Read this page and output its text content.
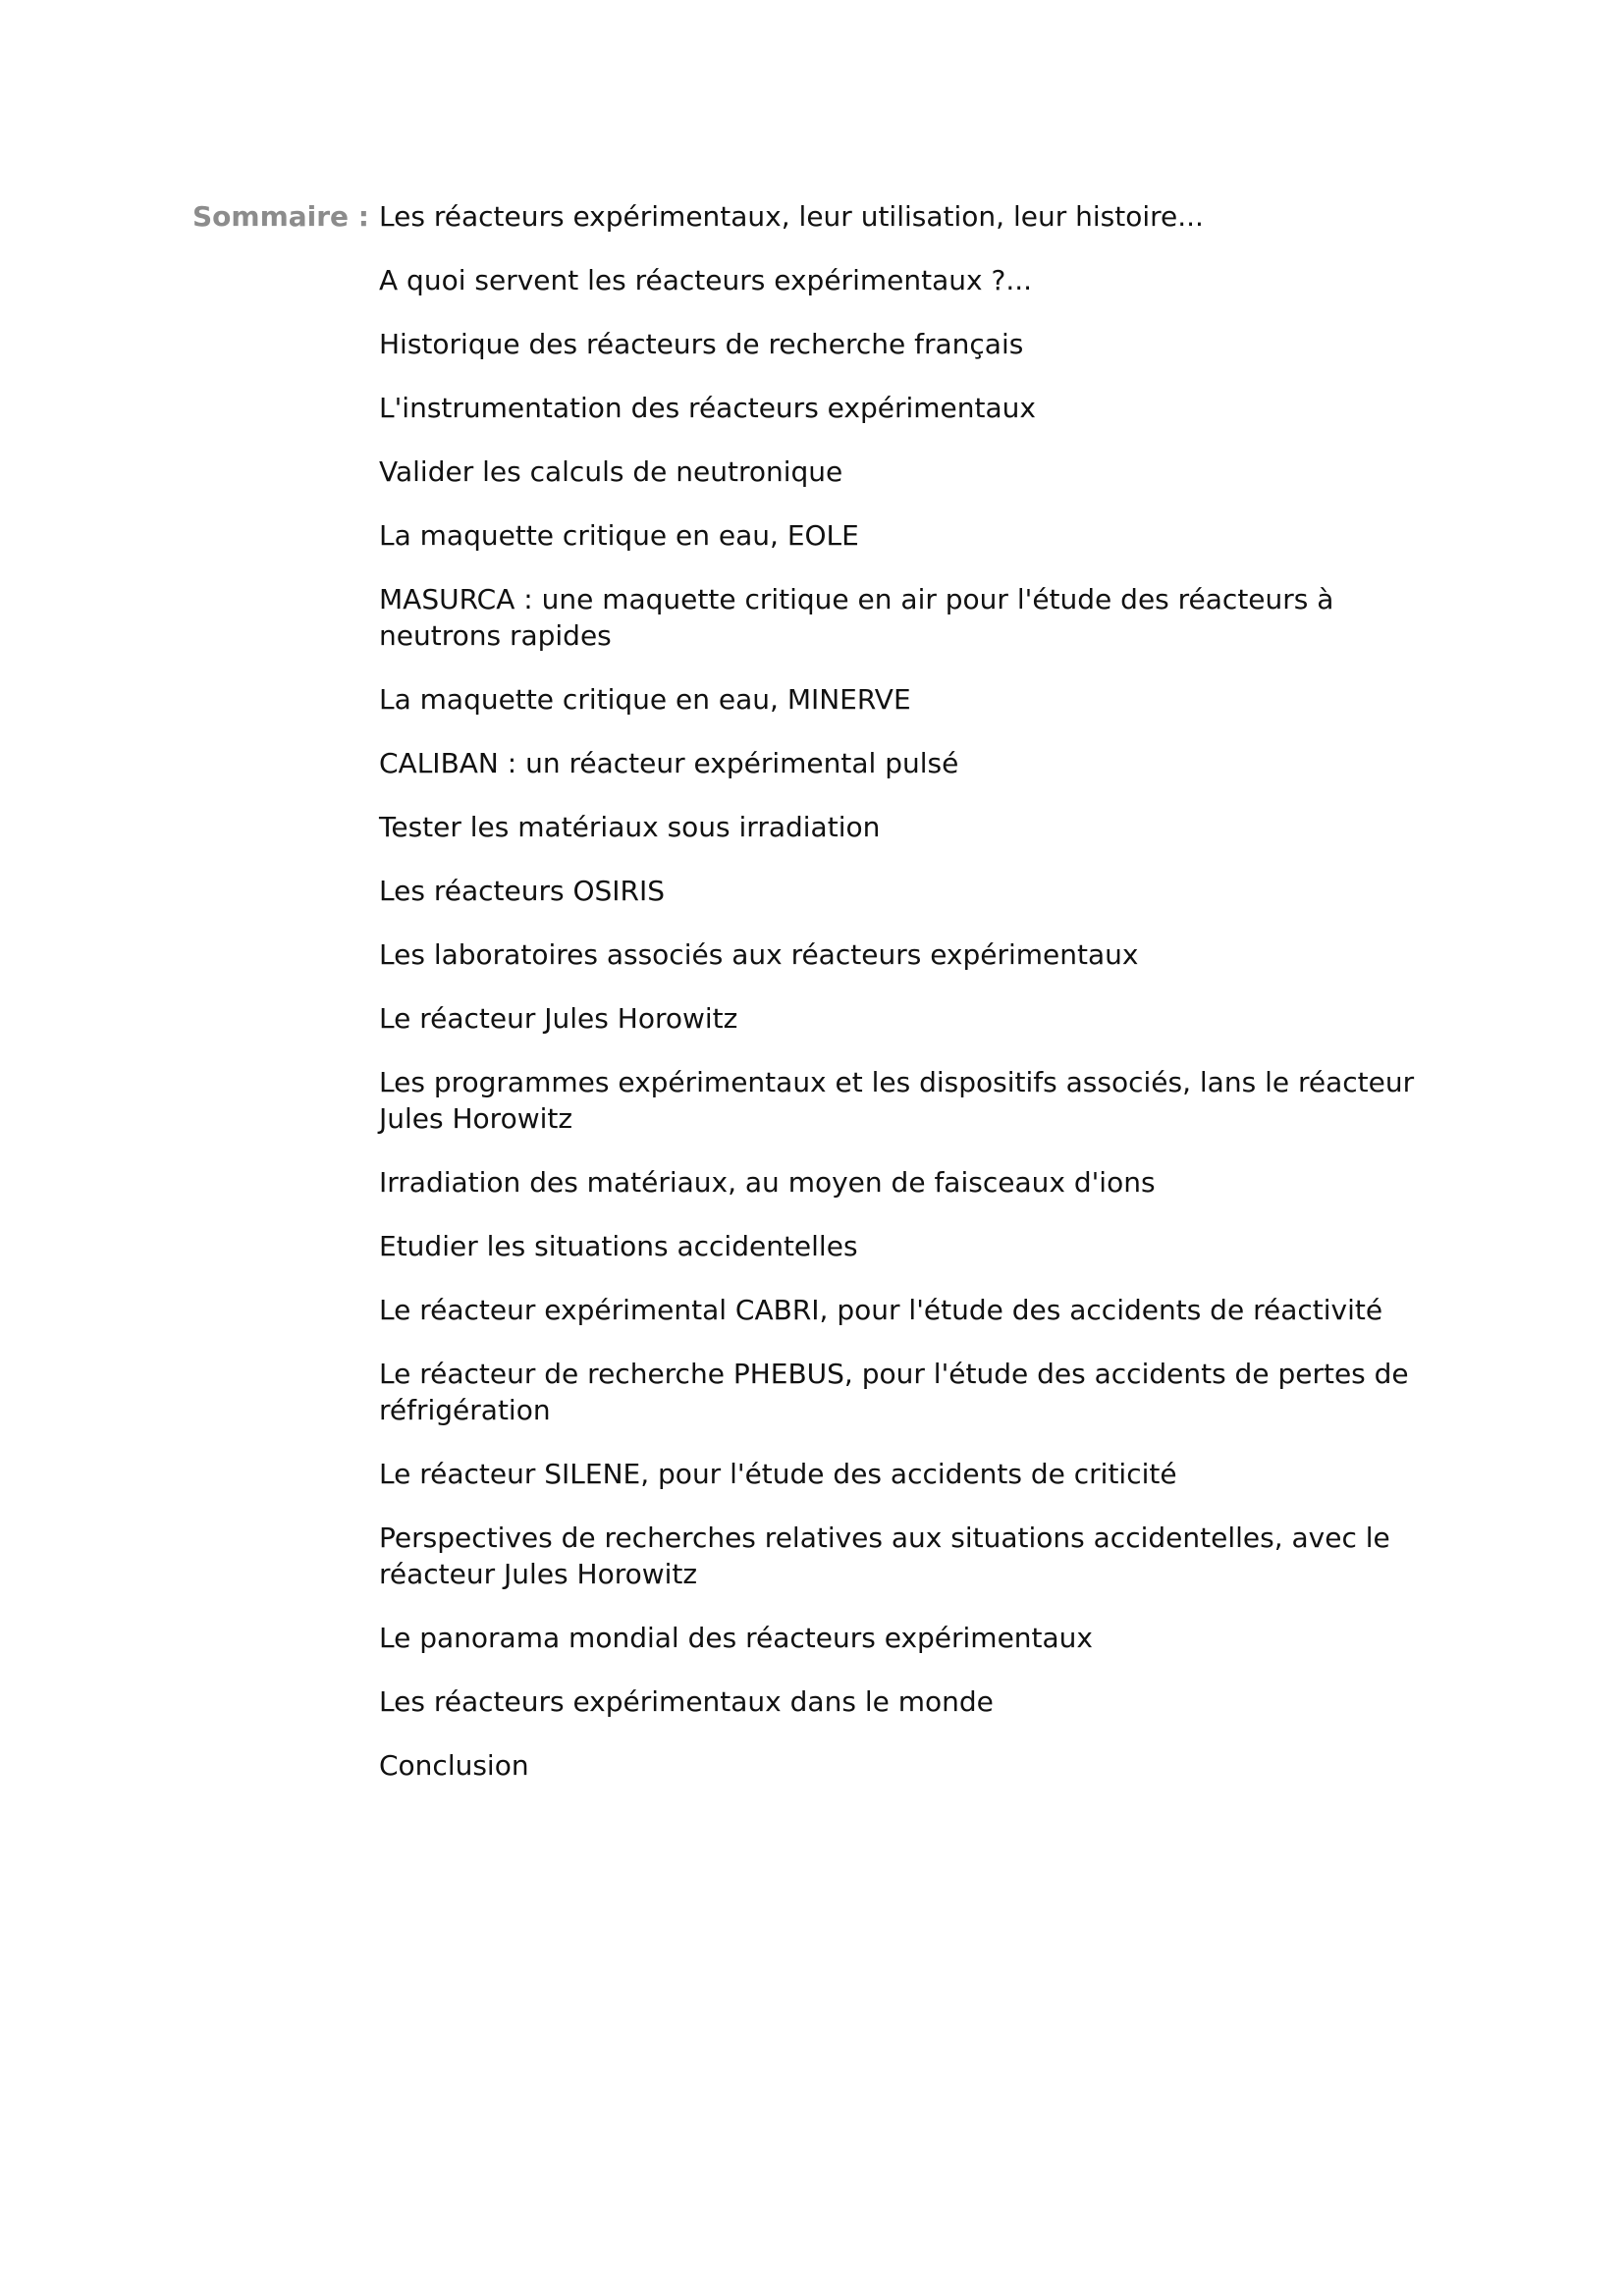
Sommaire : Les réacteurs expérimentaux, leur utilisation, leur histoire...
A quoi servent les réacteurs expérimentaux ?...
Historique des réacteurs de recherche français
L'instrumentation des réacteurs expérimentaux
Valider les calculs de neutronique
La maquette critique en eau, EOLE
MASURCA : une maquette critique en air pour l'étude des réacteurs à neutrons rapides
La maquette critique en eau, MINERVE
CALIBAN : un réacteur expérimental pulsé
Tester les matériaux sous irradiation
Les réacteurs OSIRIS
Les laboratoires associés aux réacteurs expérimentaux
Le réacteur Jules Horowitz
Les programmes expérimentaux et les dispositifs associés, lans le réacteur Jules Horowitz
Irradiation des matériaux, au moyen de faisceaux d'ions
Etudier les situations accidentelles
Le réacteur expérimental CABRI, pour l'étude des accidents de réactivité
Le réacteur de recherche PHEBUS, pour l'étude des accidents de pertes de réfrigération
Le réacteur SILENE, pour l'étude des accidents de criticité
Perspectives de recherches relatives aux situations accidentelles, avec le réacteur Jules Horowitz
Le panorama mondial des réacteurs expérimentaux
Les réacteurs expérimentaux dans le monde
Conclusion
